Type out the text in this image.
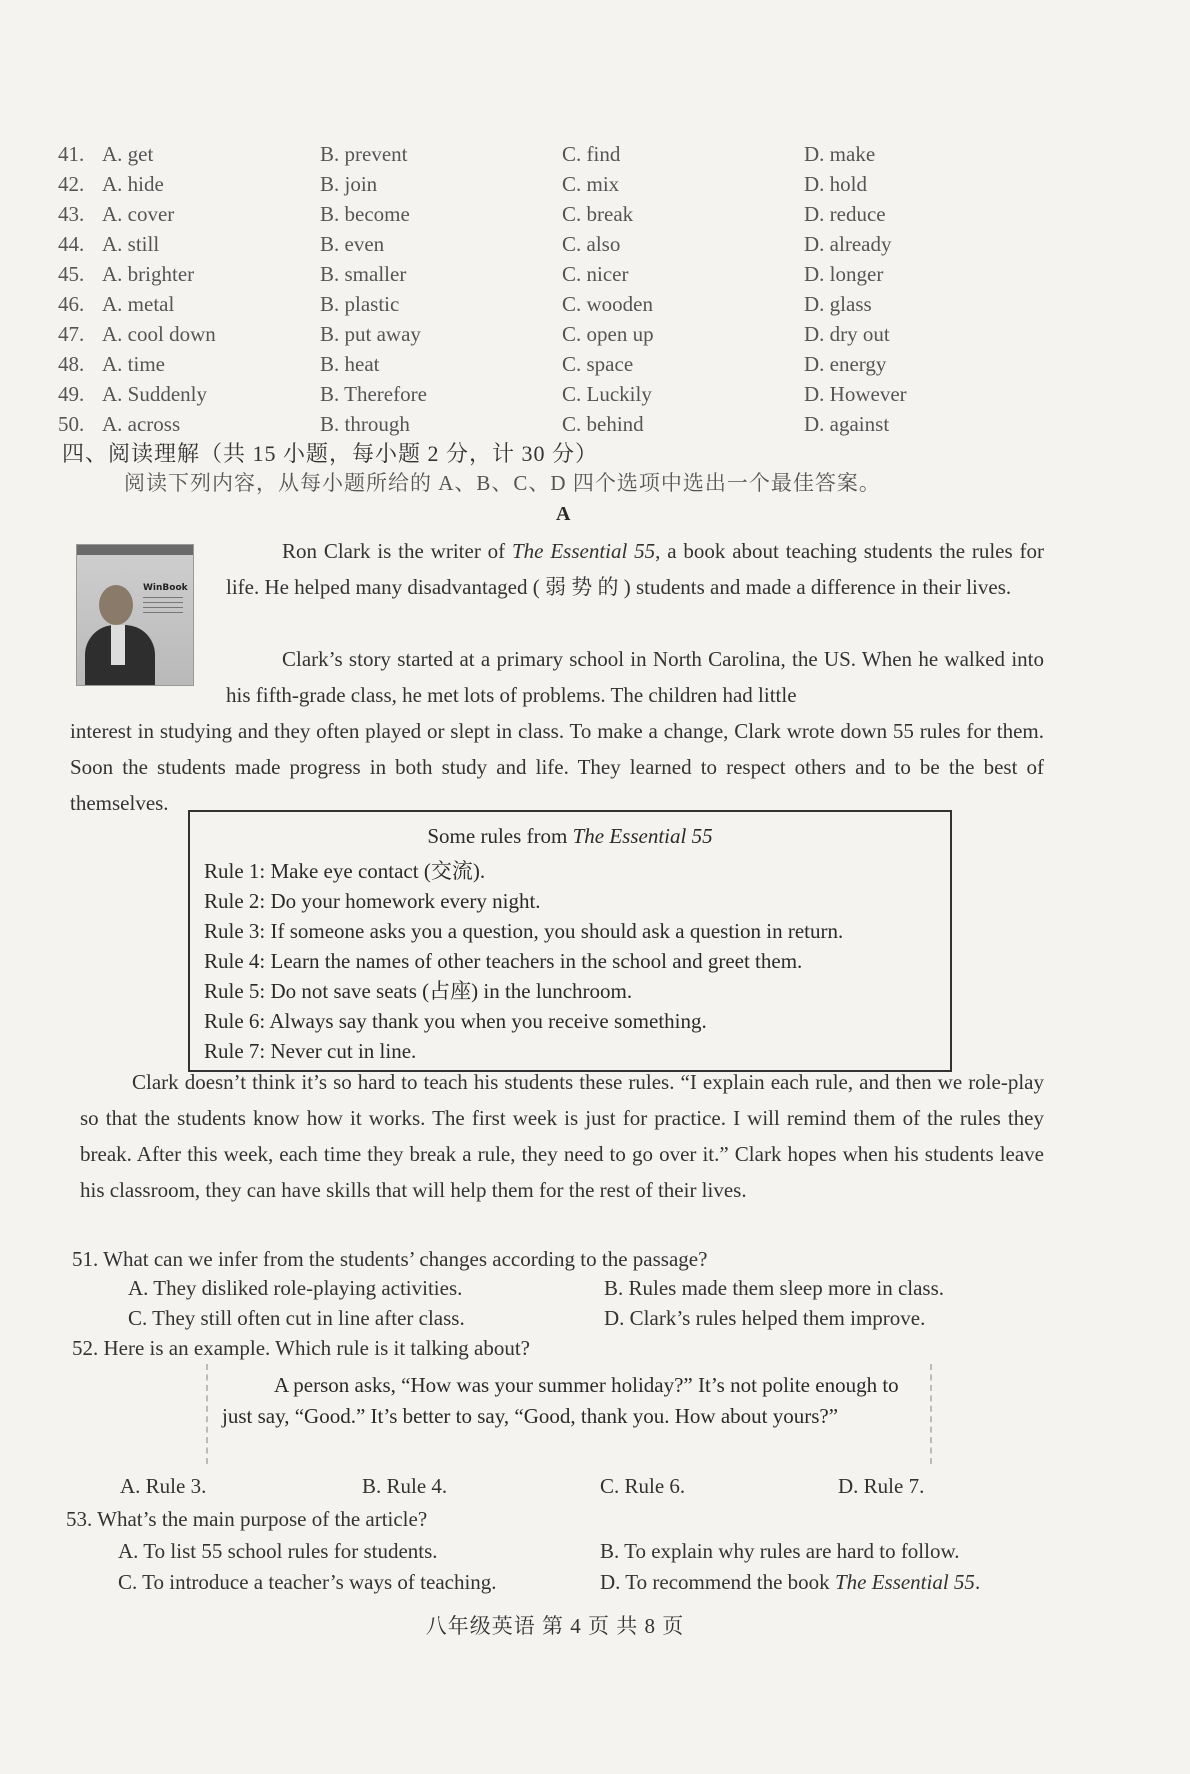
41. A. get	B. prevent	C. find	D. make
42. A. hide	B. join	C. mix	D. hold
43. A. cover	B. become	C. break	D. reduce
44. A. still	B. even	C. also	D. already
45. A. brighter	B. smaller	C. nicer	D. longer
46. A. metal	B. plastic	C. wooden	D. glass
47. A. cool down	B. put away	C. open up	D. dry out
48. A. time	B. heat	C. space	D. energy
49. A. Suddenly	B. Therefore	C. Luckily	D. However
50. A. across	B. through	C. behind	D. against
四、阅读理解（共 15 小题，每小题 2 分，计 30 分）
阅读下列内容，从每小题所给的 A、B、C、D 四个选项中选出一个最佳答案。
A
WinBook
Ron Clark is the writer of The Essential 55, a book about teaching students the rules for life. He helped many disadvantaged ( 弱 势 的 ) students and made a difference in their lives.
Clark’s story started at a primary school in North Carolina, the US. When he walked into his fifth-grade class, he met lots of problems. The children had little
interest in studying and they often played or slept in class. To make a change, Clark wrote down 55 rules for them. Soon the students made progress in both study and life. They learned to respect others and to be the best of themselves.
Some rules from The Essential 55
Rule 1: Make eye contact (交流).
Rule 2: Do your homework every night.
Rule 3: If someone asks you a question, you should ask a question in return.
Rule 4: Learn the names of other teachers in the school and greet them.
Rule 5: Do not save seats (占座) in the lunchroom.
Rule 6: Always say thank you when you receive something.
Rule 7: Never cut in line.
Clark doesn’t think it’s so hard to teach his students these rules. “I explain each rule, and then we role-play so that the students know how it works. The first week is just for practice. I will remind them of the rules they break. After this week, each time they break a rule, they need to go over it.” Clark hopes when his students leave his classroom, they can have skills that will help them for the rest of their lives.
51. What can we infer from the students’ changes according to the passage?
A. They disliked role-playing activities.	B. Rules made them sleep more in class.
C. They still often cut in line after class.	D. Clark’s rules helped them improve.
52. Here is an example. Which rule is it talking about?
A person asks, “How was your summer holiday?” It’s not polite enough to just say, “Good.” It’s better to say, “Good, thank you. How about yours?”
A. Rule 3.	B. Rule 4.	C. Rule 6.	D. Rule 7.
53. What’s the main purpose of the article?
A. To list 55 school rules for students.	B. To explain why rules are hard to follow.
C. To introduce a teacher’s ways of teaching.	D. To recommend the book The Essential 55.
八年级英语 第 4 页 共 8 页
